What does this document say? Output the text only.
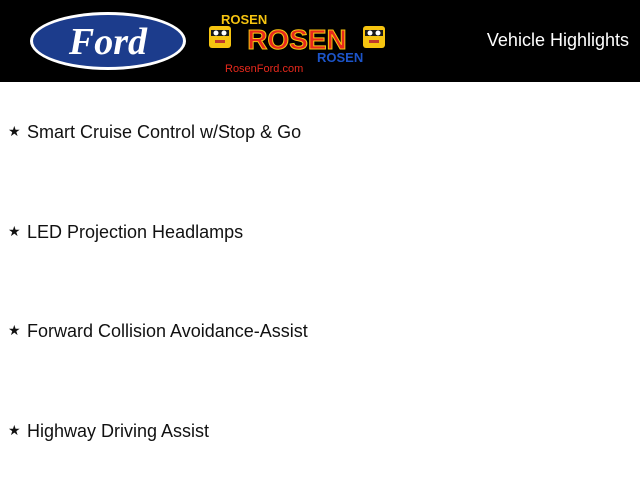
Ford
ROSEN
ROSEN
ROSEN
RosenFord.com
Vehicle Highlights
★ Smart Cruise Control w/Stop & Go
★ LED Projection Headlamps
★ Forward Collision Avoidance-Assist
★ Highway Driving Assist
